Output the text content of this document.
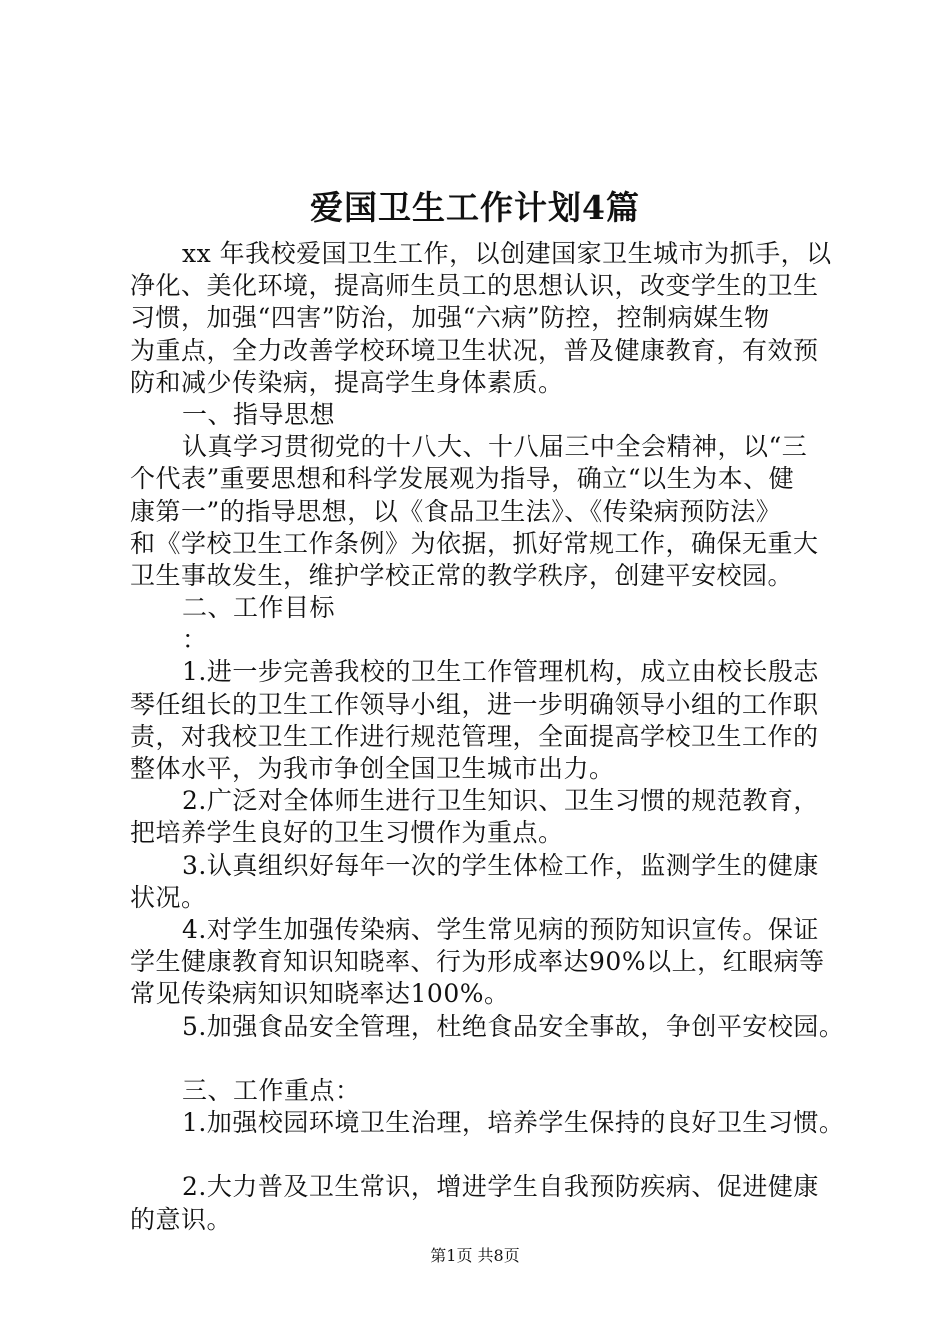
爱国卫生工作计划4篇
xx 年我校爱国卫生工作，以创建国家卫生城市为抓手，以
净化、美化环境，提高师生员工的思想认识，改变学生的卫生
习惯，加强“四害”防治，加强“六病”防控，控制病媒生物
为重点，全力改善学校环境卫生状况，普及健康教育，有效预
防和减少传染病，提高学生身体素质。
一、指导思想
认真学习贯彻党的十八大、十八届三中全会精神，以“三
个代表”重要思想和科学发展观为指导，确立“以生为本、健
康第一”的指导思想，以《食品卫生法》、《传染病预防法》
和《学校卫生工作条例》为依据，抓好常规工作，确保无重大
卫生事故发生，维护学校正常的教学秩序，创建平安校园。
二、工作目标
：
1.进一步完善我校的卫生工作管理机构，成立由校长殷志
琴任组长的卫生工作领导小组，进一步明确领导小组的工作职
责，对我校卫生工作进行规范管理，全面提高学校卫生工作的
整体水平，为我市争创全国卫生城市出力。
2.广泛对全体师生进行卫生知识、卫生习惯的规范教育，
把培养学生良好的卫生习惯作为重点。
3.认真组织好每年一次的学生体检工作，监测学生的健康
状况。
4.对学生加强传染病、学生常见病的预防知识宣传。保证
学生健康教育知识知晓率、行为形成率达90%以上，红眼病等
常见传染病知识知晓率达100%。
5.加强食品安全管理，杜绝食品安全事故，争创平安校园。
三、工作重点：
1.加强校园环境卫生治理，培养学生保持的良好卫生习惯。
2.大力普及卫生常识，增进学生自我预防疾病、促进健康
的意识。
第1页 共8页
